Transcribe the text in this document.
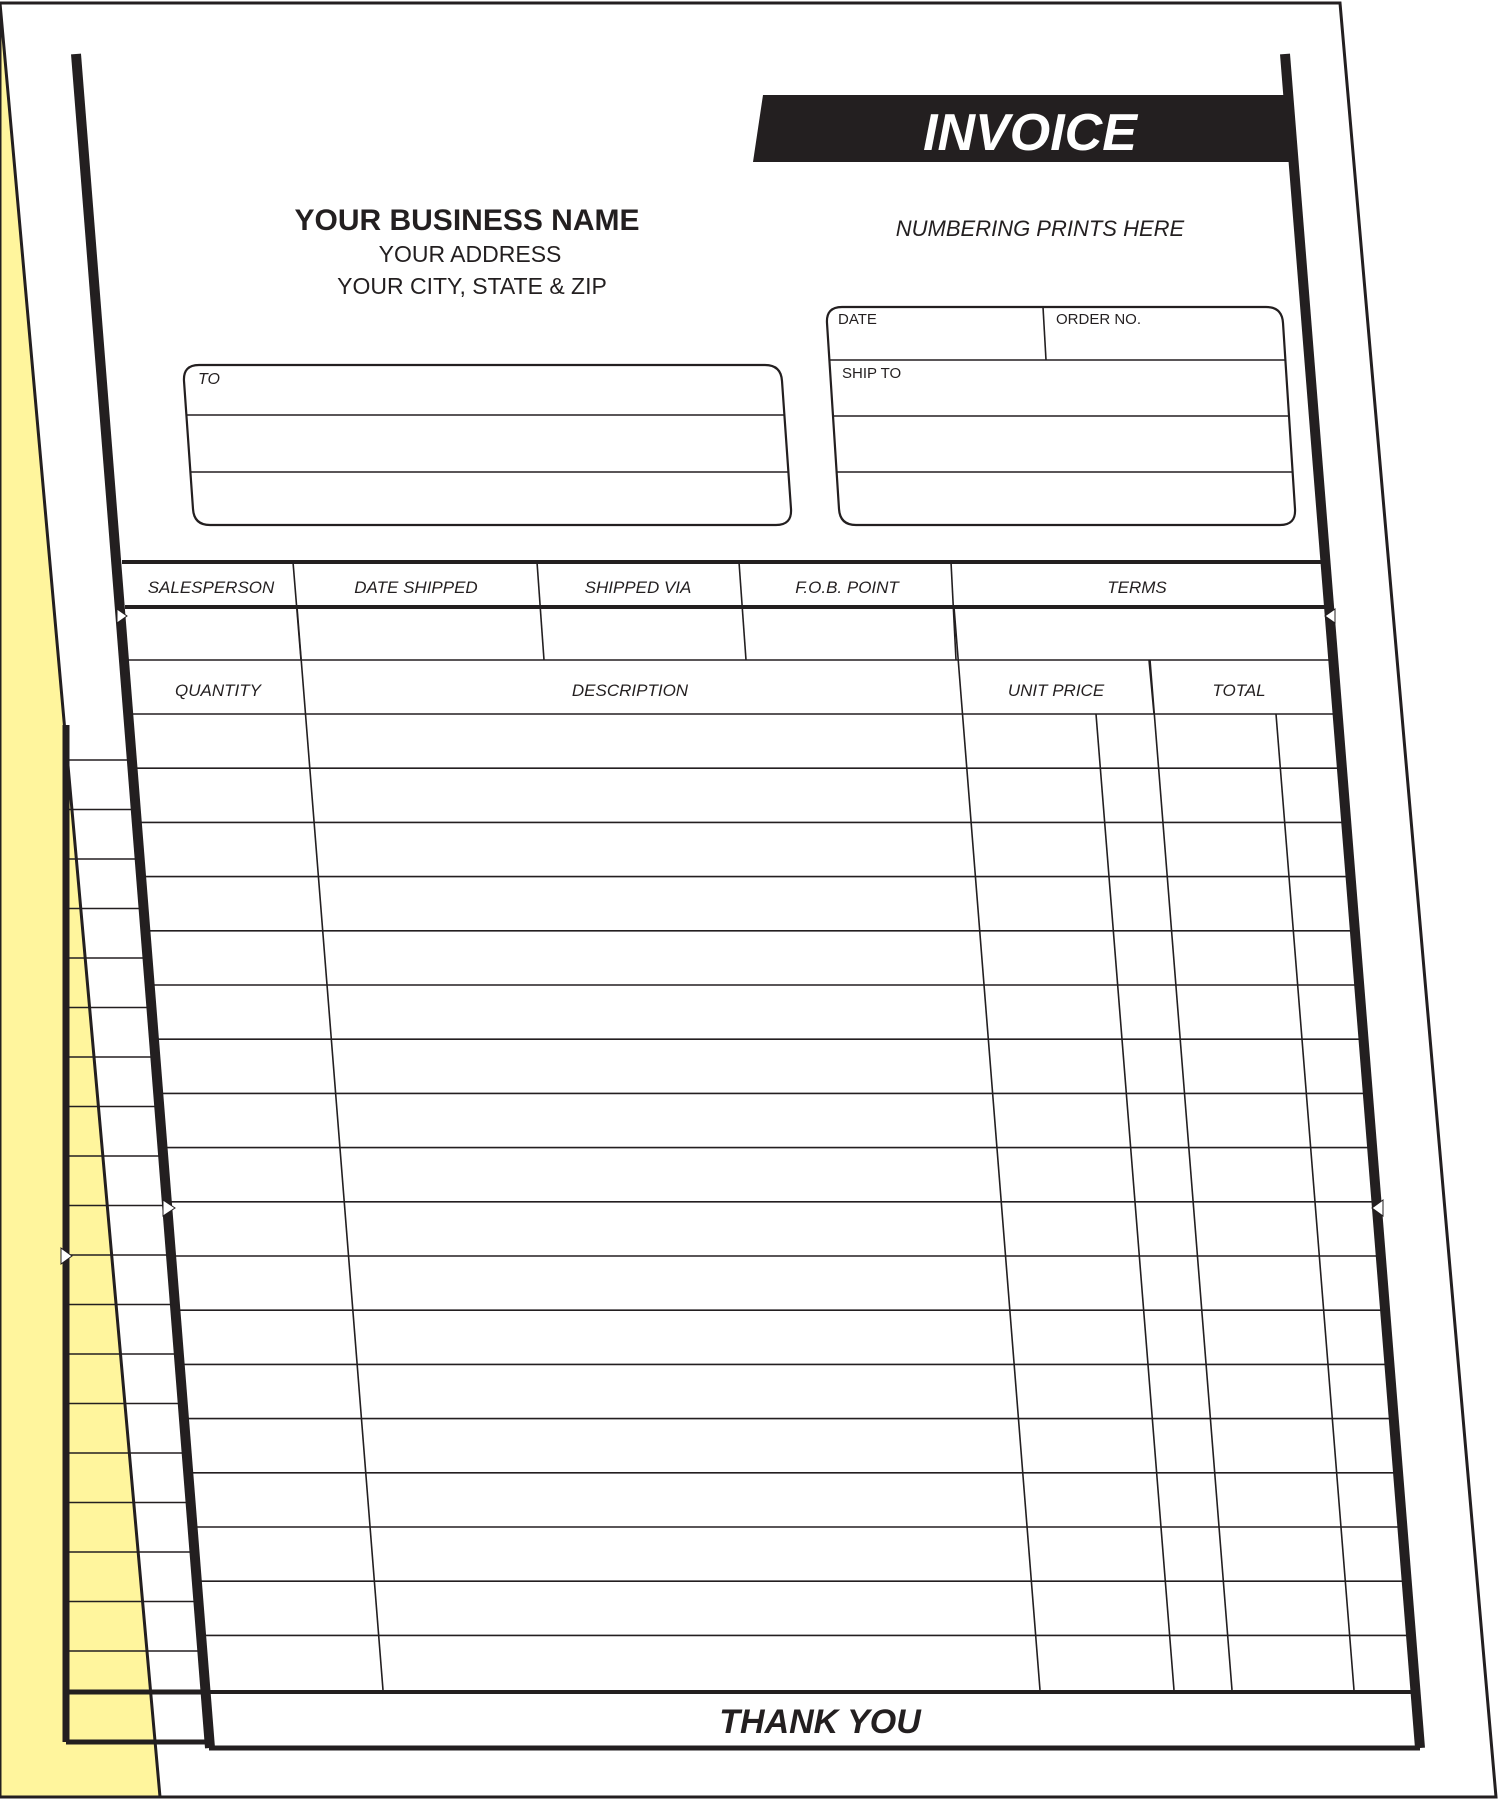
INVOICE
YOUR BUSINESS NAME
YOUR ADDRESS
YOUR CITY, STATE & ZIP
NUMBERING PRINTS HERE
TO
DATE	ORDER NO.
SHIP TO
SALESPERSON	DATE SHIPPED	SHIPPED VIA	F.O.B. POINT	TERMS
QUANTITY	DESCRIPTION	UNIT PRICE	TOTAL
THANK YOU
